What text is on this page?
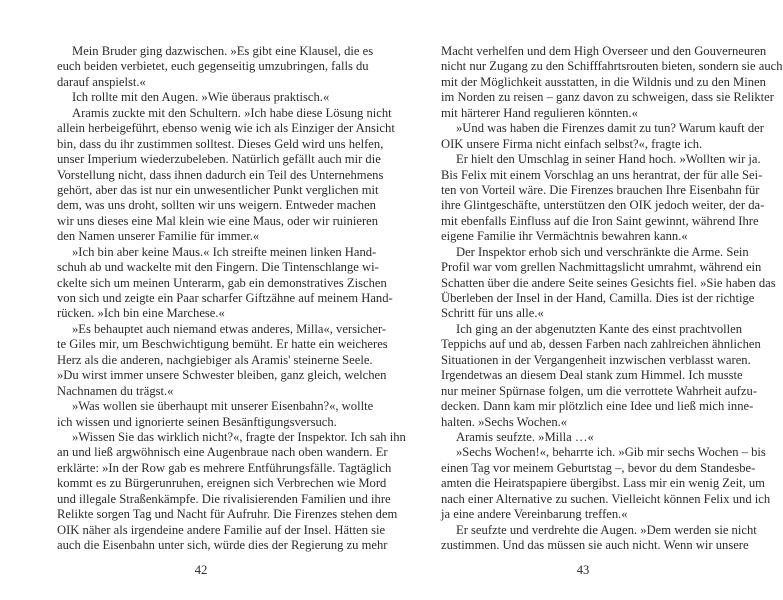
Mein Bruder ging dazwischen. »Es gibt eine Klausel, die es
euch beiden verbietet, euch gegenseitig umzubringen, falls du
darauf anspielst.«
Ich rollte mit den Augen. »Wie überaus praktisch.«
Aramis zuckte mit den Schultern. »Ich habe diese Lösung nicht
allein herbeigeführt, ebenso wenig wie ich als Einziger der Ansicht
bin, dass du ihr zustimmen solltest. Dieses Geld wird uns helfen,
unser Imperium wiederzubeleben. Natürlich gefällt auch mir die
Vorstellung nicht, dass ihnen dadurch ein Teil des Unternehmens
gehört, aber das ist nur ein unwesentlicher Punkt verglichen mit
dem, was uns droht, sollten wir uns weigern. Entweder machen
wir uns dieses eine Mal klein wie eine Maus, oder wir ruinieren
den Namen unserer Familie für immer.«
»Ich bin aber keine Maus.« Ich streifte meinen linken Hand-
schuh ab und wackelte mit den Fingern. Die Tintenschlange wi-
ckelte sich um meinen Unterarm, gab ein demonstratives Zischen
von sich und zeigte ein Paar scharfer Giftzähne auf meinem Hand-
rücken. »Ich bin eine Marchese.«
»Es behauptet auch niemand etwas anderes, Milla«, versicher-
te Giles mir, um Beschwichtigung bemüht. Er hatte ein weicheres
Herz als die anderen, nachgiebiger als Aramis' steinerne Seele.
»Du wirst immer unsere Schwester bleiben, ganz gleich, welchen
Nachnamen du trägst.«
»Was wollen sie überhaupt mit unserer Eisenbahn?«, wollte
ich wissen und ignorierte seinen Besänftigungsversuch.
»Wissen Sie das wirklich nicht?«, fragte der Inspektor. Ich sah ihn
an und ließ argwöhnisch eine Augenbraue nach oben wandern. Er
erklärte: »In der Row gab es mehrere Entführungsfälle. Tagtäglich
kommt es zu Bürgerunruhen, ereignen sich Verbrechen wie Mord
und illegale Straßenkämpfe. Die rivalisierenden Familien und ihre
Relikte sorgen Tag und Nacht für Aufruhr. Die Firenzes stehen dem
OIK näher als irgendeine andere Familie auf der Insel. Hätten sie
auch die Eisenbahn unter sich, würde dies der Regierung zu mehr
42
Macht verhelfen und dem High Overseer und den Gouverneuren
nicht nur Zugang zu den Schifffahrtsrouten bieten, sondern sie auch
mit der Möglichkeit ausstatten, in die Wildnis und zu den Minen
im Norden zu reisen – ganz davon zu schweigen, dass sie Relikter
mit härterer Hand regulieren könnten.«
»Und was haben die Firenzes damit zu tun? Warum kauft der
OIK unsere Firma nicht einfach selbst?«, fragte ich.
Er hielt den Umschlag in seiner Hand hoch. »Wollten wir ja.
Bis Felix mit einem Vorschlag an uns herantrat, der für alle Sei-
ten von Vorteil wäre. Die Firenzes brauchen Ihre Eisenbahn für
ihre Glintgeschäfte, unterstützen den OIK jedoch weiter, der da-
mit ebenfalls Einfluss auf die Iron Saint gewinnt, während Ihre
eigene Familie ihr Vermächtnis bewahren kann.«
Der Inspektor erhob sich und verschränkte die Arme. Sein
Profil war vom grellen Nachmittagslicht umrahmt, während ein
Schatten über die andere Seite seines Gesichts fiel. »Sie haben das
Überleben der Insel in der Hand, Camilla. Dies ist der richtige
Schritt für uns alle.«
Ich ging an der abgenutzten Kante des einst prachtvollen
Teppichs auf und ab, dessen Farben nach zahlreichen ähnlichen
Situationen in der Vergangenheit inzwischen verblasst waren.
Irgendetwas an diesem Deal stank zum Himmel. Ich musste
nur meiner Spürnase folgen, um die verrottete Wahrheit aufzu-
decken. Dann kam mir plötzlich eine Idee und ließ mich inne-
halten. »Sechs Wochen.«
Aramis seufzte. »Milla …«
»Sechs Wochen!«, beharrte ich. »Gib mir sechs Wochen – bis
einen Tag vor meinem Geburtstag –, bevor du dem Standesbe-
amten die Heiratspapiere übergibst. Lass mir ein wenig Zeit, um
nach einer Alternative zu suchen. Vielleicht können Felix und ich
ja eine andere Vereinbarung treffen.«
Er seufzte und verdrehte die Augen. »Dem werden sie nicht
zustimmen. Und das müssen sie auch nicht. Wenn wir unsere
43
